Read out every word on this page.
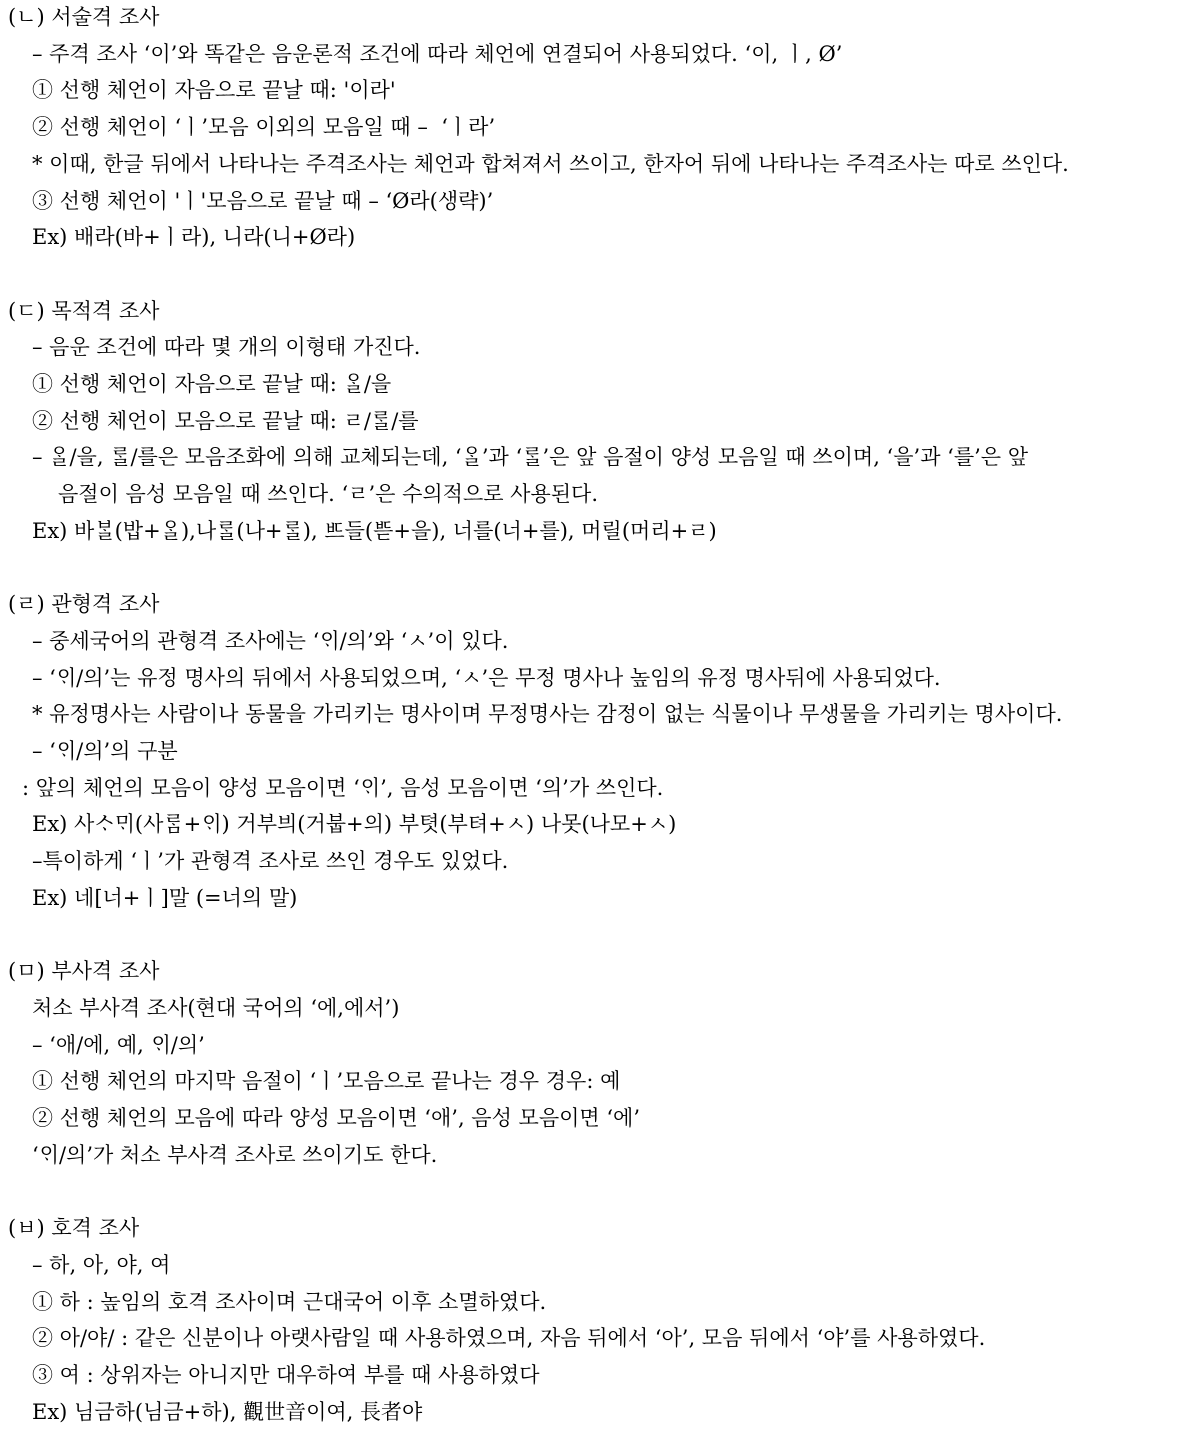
(ㄴ) 서술격 조사
– 주격 조사 ‘이’와 똑같은 음운론적 조건에 따라 체언에 연결되어 사용되었다. ‘이, ㅣ, Ø’
① 선행 체언이 자음으로 끝날 때: '이라'
② 선행 체언이 ‘ㅣ’모음 이외의 모음일 때 –  ‘ㅣ라’
* 이때, 한글 뒤에서 나타나는 주격조사는 체언과 합쳐져서 쓰이고, 한자어 뒤에 나타나는 주격조사는 따로 쓰인다.
③ 선행 체언이 'ㅣ'모음으로 끝날 때 – ‘Ø라(생략)’
Ex) 배라(바+ㅣ라), 니라(니+Ø라)
(ㄷ) 목적격 조사
– 음운 조건에 따라 몇 개의 이형태 가진다.
① 선행 체언이 자음으로 끝날 때: ᄋᆞᆯ/을
② 선행 체언이 모음으로 끝날 때: ㄹ/ᄅᆞᆯ/를
– ᄋᆞᆯ/을, ᄅᆞᆯ/를은 모음조화에 의해 교체되는데, ‘ᄋᆞᆯ’과 ‘ᄅᆞᆯ’은 앞 음절이 양성 모음일 때 쓰이며, ‘을’과 ‘를’은 앞
음절이 음성 모음일 때 쓰인다. ‘ㄹ’은 수의적으로 사용된다.
Ex) 바ᄇᆞᆯ(밥+ᄋᆞᆯ),나ᄅᆞᆯ(나+ᄅᆞᆯ), ᄠᅳ들(ᄠᅳᆮ+을), 너를(너+를), 머릴(머리+ㄹ)
(ㄹ) 관형격 조사
– 중세국어의 관형격 조사에는 ‘ᄋᆡ/의’와 ‘ㅅ’이 있다.
– ‘ᄋᆡ/의’는 유정 명사의 뒤에서 사용되었으며, ‘ㅅ’은 무정 명사나 높임의 유정 명사뒤에 사용되었다.
* 유정명사는 사람이나 동물을 가리키는 명사이며 무정명사는 감정이 없는 식물이나 무생물을 가리키는 명사이다.
– ‘ᄋᆡ/의’의 구분
: 앞의 체언의 모음이 양성 모음이면 ‘ᄋᆡ’, 음성 모음이면 ‘의’가 쓰인다.
Ex) 사ᄉᆞᄆᆡ(사ᄅᆞᆷ+ᄋᆡ) 거부븨(거붑+의) 부텻(부텨+ㅅ) 나못(나모+ㅅ)
–특이하게 ‘ㅣ’가 관형격 조사로 쓰인 경우도 있었다.
Ex) 네[너+ㅣ]말 (=너의 말)
(ㅁ) 부사격 조사
처소 부사격 조사(현대 국어의 ‘에,에서’)
– ‘애/에, 예, ᄋᆡ/의’
① 선행 체언의 마지막 음절이 ‘ㅣ’모음으로 끝나는 경우 경우: 예
② 선행 체언의 모음에 따라 양성 모음이면 ‘애’, 음성 모음이면 ‘에’
‘ᄋᆡ/의’가 처소 부사격 조사로 쓰이기도 한다.
(ㅂ) 호격 조사
– 하, 아, 야, 여
① 하 : 높임의 호격 조사이며 근대국어 이후 소멸하였다.
② 아/야/ : 같은 신분이나 아랫사람일 때 사용하였으며, 자음 뒤에서 ‘아’, 모음 뒤에서 ‘야’를 사용하였다.
③ 여 : 상위자는 아니지만 대우하여 부를 때 사용하였다
Ex) 님금하(님금+하), 觀世音이여, 長者야
